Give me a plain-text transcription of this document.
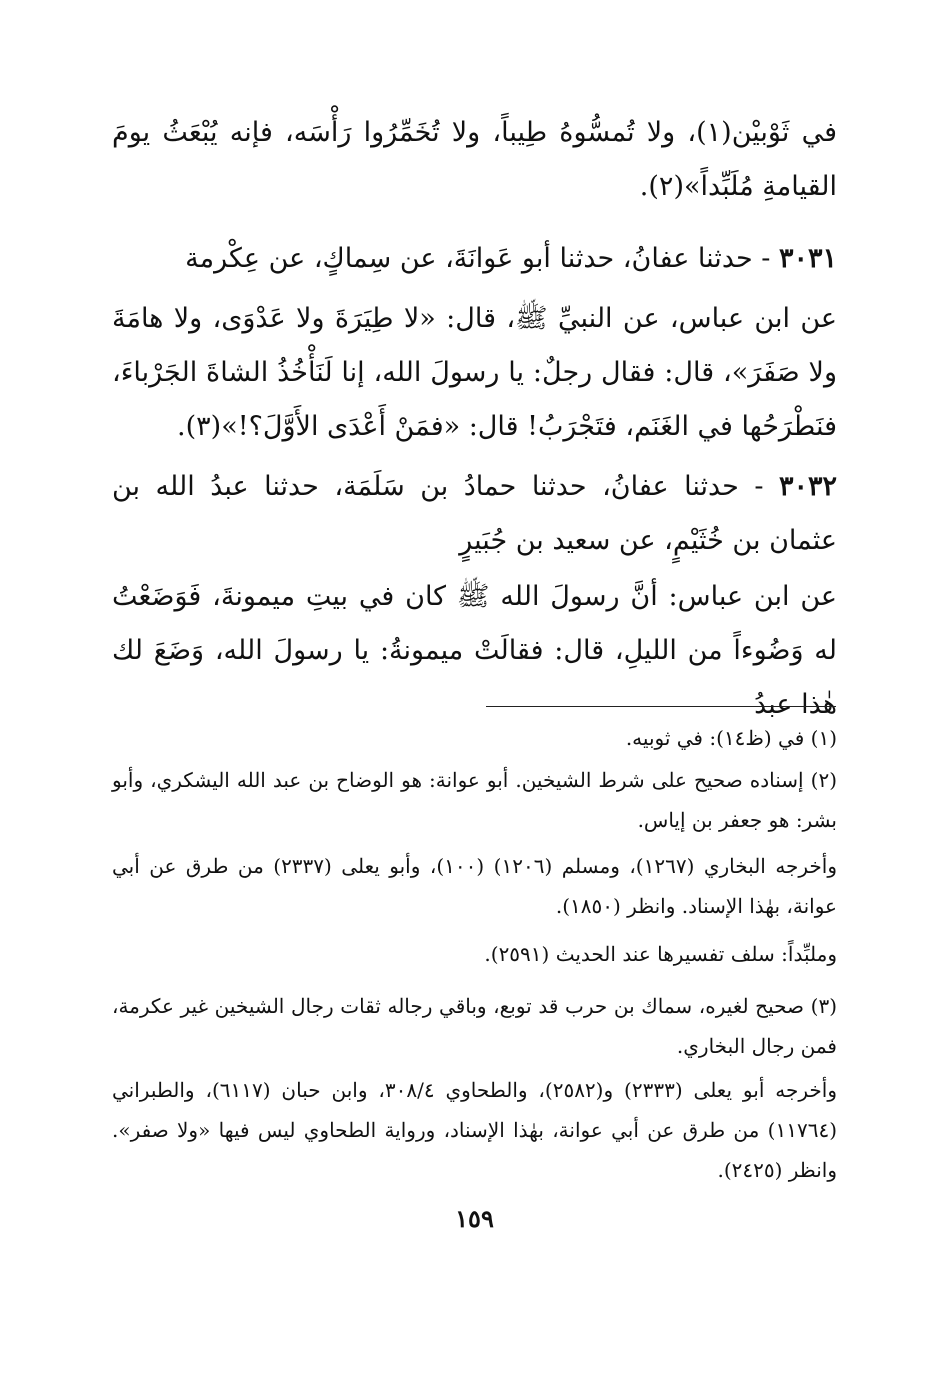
في ثَوْبيْن(١)، ولا تُمسُّوهُ طِيباً، ولا تُخَمِّرُوا رَأْسَه، فإنه يُبْعَثُ يومَ القيامةِ مُلَبِّداً»(٢).
٣٠٣١ - حدثنا عفانُ، حدثنا أبو عَوانَةَ، عن سِماكٍ، عن عِكْرمة
عن ابن عباس، عن النبيِّ ﷺ، قال: «لا طِيَرَةَ ولا عَدْوَى، ولا هامَةَ ولا صَفَرَ»، قال: فقال رجلٌ: يا رسولَ الله، إنا لَنَأْخُذُ الشاةَ الجَرْباءَ، فنَطْرَحُها في الغَنَم، فتَجْرَبُ! قال: «فمَنْ أَعْدَى الأَوَّلَ؟!»(٣).
٣٠٣٢ - حدثنا عفانُ، حدثنا حمادُ بن سَلَمَة، حدثنا عبدُ الله بن عثمان بن خُثَيْمٍ، عن سعيد بن جُبَيرٍ
عن ابن عباس: أنَّ رسولَ الله ﷺ كان في بيتِ ميمونةَ، فَوَضَعْتُ له وَضُوءاً من الليلِ، قال: فقالَتْ ميمونةُ: يا رسولَ الله، وَضَعَ لك هٰذا عبدُ
(١) في (ظ١٤): في ثوبيه.
(٢) إسناده صحيح على شرط الشيخين. أبو عوانة: هو الوضاح بن عبد الله اليشكري، وأبو بشر: هو جعفر بن إياس.
وأخرجه البخاري (١٢٦٧)، ومسلم (١٢٠٦) (١٠٠)، وأبو يعلى (٢٣٣٧) من طرق عن أبي عوانة، بهٰذا الإسناد. وانظر (١٨٥٠).
وملبِّداً: سلف تفسيرها عند الحديث (٢٥٩١).
(٣) صحيح لغيره، سماك بن حرب قد توبع، وباقي رجاله ثقات رجال الشيخين غير عكرمة، فمن رجال البخاري.
وأخرجه أبو يعلى (٢٣٣٣) و(٢٥٨٢)، والطحاوي ٣٠٨/٤، وابن حبان (٦١١٧)، والطبراني (١١٧٦٤) من طرق عن أبي عوانة، بهٰذا الإسناد، ورواية الطحاوي ليس فيها «ولا صفر». وانظر (٢٤٢٥).
١٥٩
